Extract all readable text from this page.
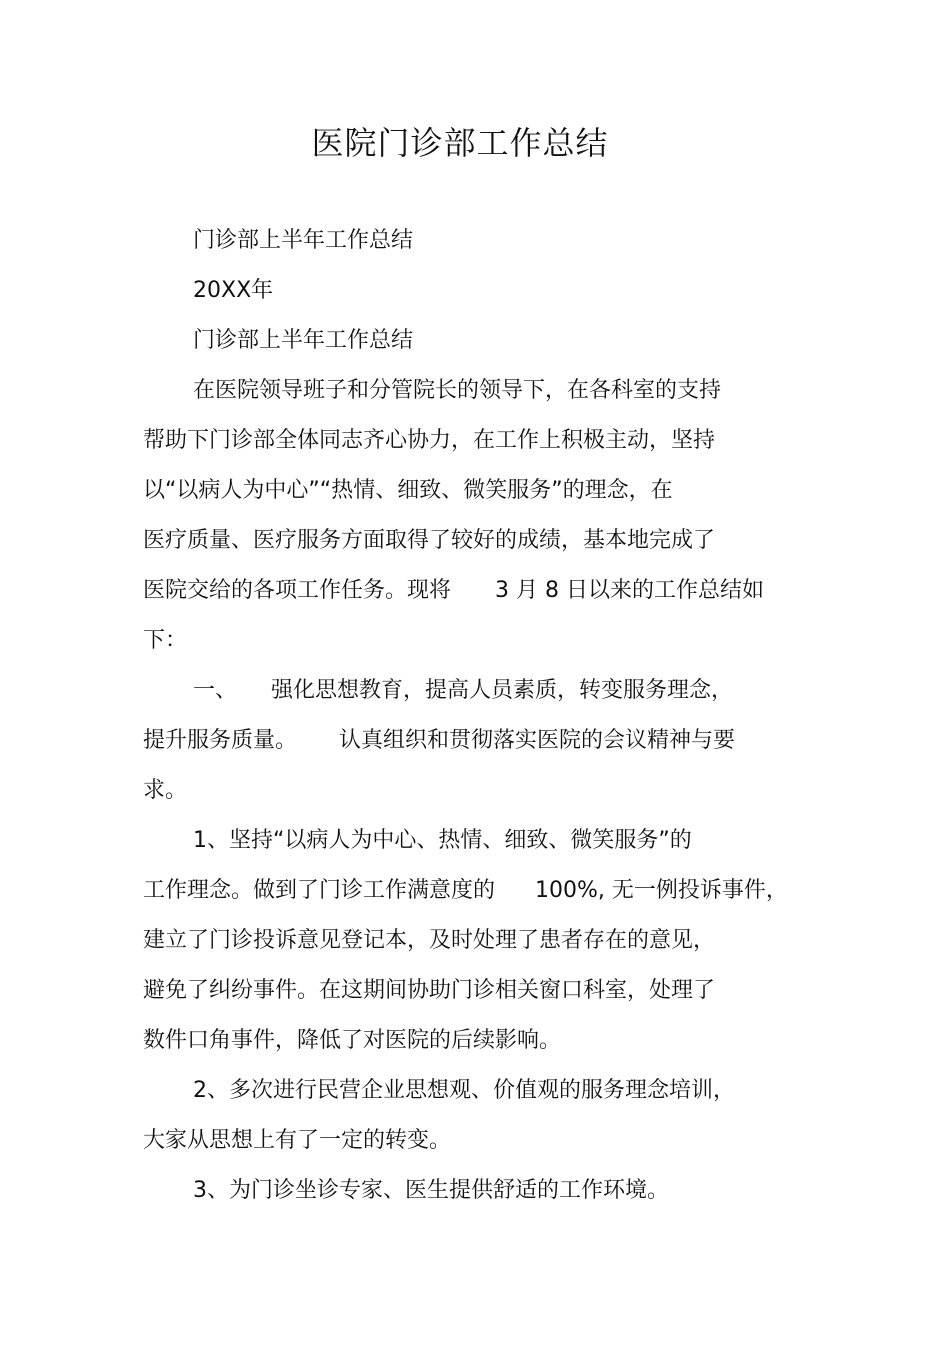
医院门诊部工作总结
门诊部上半年工作总结
20XX年
门诊部上半年工作总结
在医院领导班子和分管院长的领导下，在各科室的支持
帮助下门诊部全体同志齐心协力，在工作上积极主动，坚持
以“以病人为中心”“热情、细致、微笑服务”的理念，在
医疗质量、医疗服务方面取得了较好的成绩，基本地完成了
医院交给的各项工作任务。现将 3 月 8 日以来的工作总结如
下：
一、 强化思想教育，提高人员素质，转变服务理念，
提升服务质量。 认真组织和贯彻落实医院的会议精神与要
求。
1、坚持“以病人为中心、热情、细致、微笑服务”的
工作理念。做到了门诊工作满意度的 100%, 无一例投诉事件，
建立了门诊投诉意见登记本，及时处理了患者存在的意见，
避免了纠纷事件。在这期间协助门诊相关窗口科室，处理了
数件口角事件，降低了对医院的后续影响。
2、多次进行民营企业思想观、价值观的服务理念培训，
大家从思想上有了一定的转变。
3、为门诊坐诊专家、医生提供舒适的工作环境。
